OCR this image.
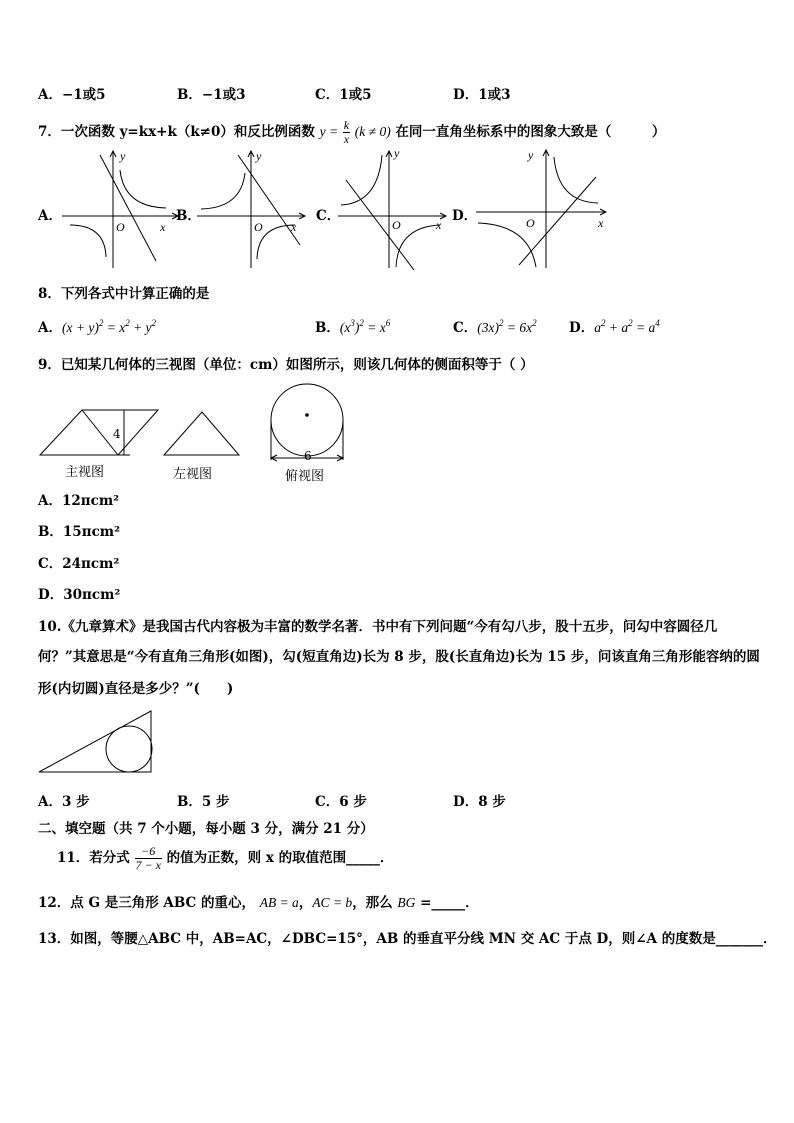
A．−1或5	B．−1或3	C．1或5	D．1或3
7．一次函数 y=kx+k（k≠0）和反比例函数 $y = \frac{k}{x} (k \ne 0)$ 在同一直角坐标系中的图象大致是（　　　）
A．	B．	C．	D．
y
O	x
y
O x
y
O	x
y
O	x
8．下列各式中计算正确的是
A．$(x + y)^2 = x^2 + y^2$	B．$(x^3)^2 = x^6$	C．$(3x)^2 = 6x^2$ D．$a^2 + a^2 = a^4$
9．已知某几何体的三视图（单位：cm）如图所示，则该几何体的侧面积等于（ ）
4
6
主视图	左视图	俯视图
A．12πcm²
B．15πcm²
C．24πcm²
D．30πcm²
10.《九章算术》是我国古代内容极为丰富的数学名著．书中有下列问题“今有勾八步，股十五步，问勾中容圆径几
何？”其意思是“今有直角三角形(如图)，勾(短直角边)长为 8 步，股(长直角边)长为 15 步，问该直角三角形能容纳的圆
形(内切圆)直径是多少？”(　　)
A．3 步	B．5 步	C．6 步	D．8 步
二、填空题（共 7 个小题，每小题 3 分，满分 21 分）
11．若分式 $\frac{-6}{7 - x}$ 的值为正数，则 x 的取值范围_____．
12．点 G 是三角形 ABC 的重心， AB = a，AC = b，那么 BG =_____．
13．如图，等腰△ABC 中，AB=AC，∠DBC=15°，AB 的垂直平分线 MN 交 AC 于点 D，则∠A 的度数是_______．
